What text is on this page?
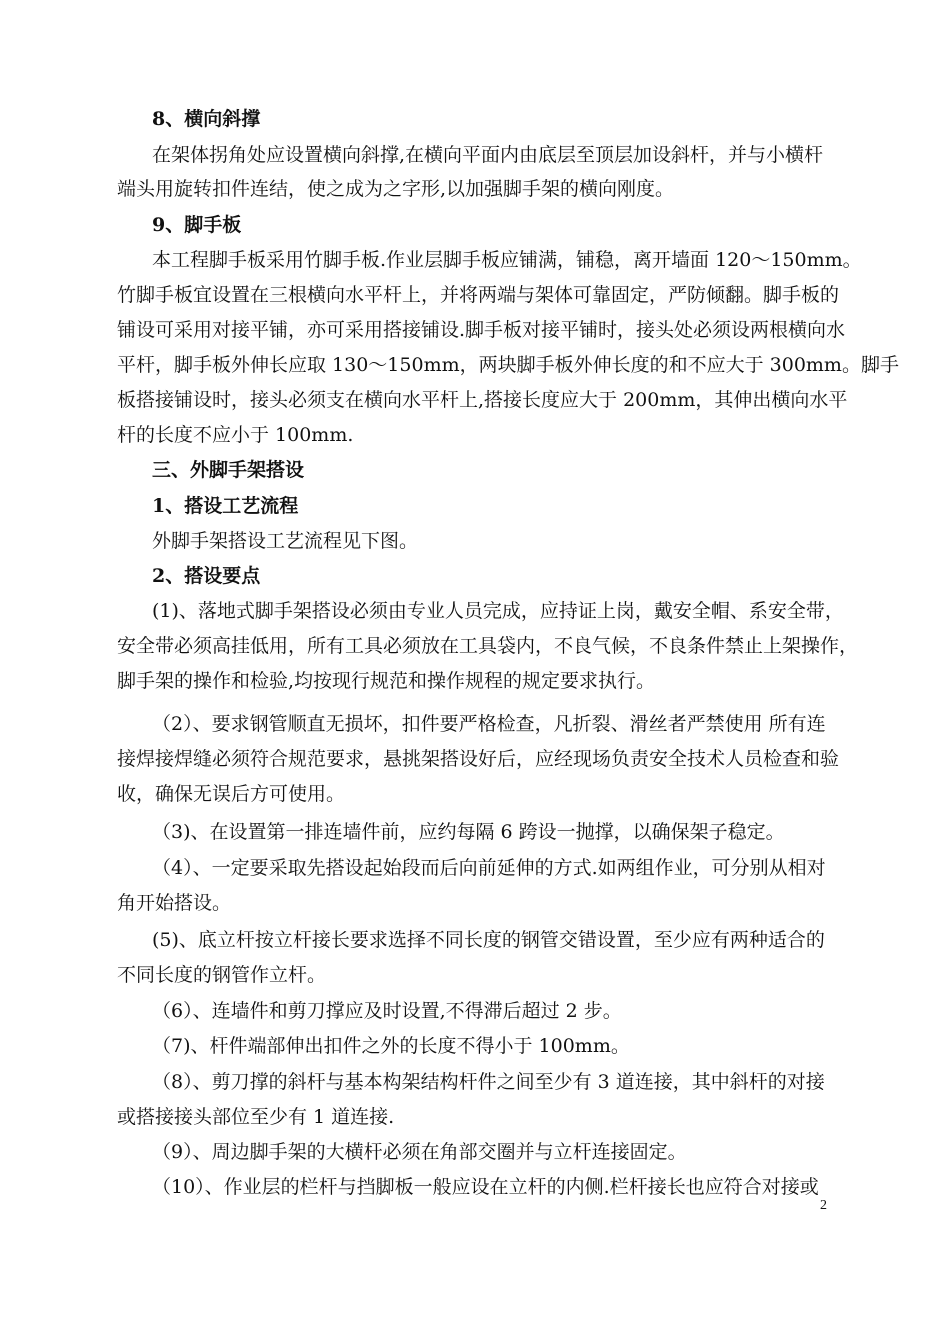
8、横向斜撑
在架体拐角处应设置横向斜撑,在横向平面内由底层至顶层加设斜杆，并与小横杆
端头用旋转扣件连结，使之成为之字形,以加强脚手架的横向刚度。
9、脚手板
本工程脚手板采用竹脚手板.作业层脚手板应铺满，铺稳，离开墙面 120～150mm。
竹脚手板宜设置在三根横向水平杆上，并将两端与架体可靠固定，严防倾翻。脚手板的
铺设可采用对接平铺，亦可采用搭接铺设.脚手板对接平铺时，接头处必须设两根横向水
平杆，脚手板外伸长应取 130～150mm，两块脚手板外伸长度的和不应大于 300mm。脚手
板搭接铺设时，接头必须支在横向水平杆上,搭接长度应大于 200mm，其伸出横向水平
杆的长度不应小于 100mm.
三、外脚手架搭设
1、搭设工艺流程
外脚手架搭设工艺流程见下图。
2、搭设要点
(1)、落地式脚手架搭设必须由专业人员完成，应持证上岗，戴安全帽、系安全带，
安全带必须高挂低用，所有工具必须放在工具袋内，不良气候，不良条件禁止上架操作，
脚手架的操作和检验,均按现行规范和操作规程的规定要求执行。
（2）、要求钢管顺直无损坏，扣件要严格检查，凡折裂、滑丝者严禁使用 所有连
接焊接焊缝必须符合规范要求，悬挑架搭设好后，应经现场负责安全技术人员检查和验
收，确保无误后方可使用。
（3)、在设置第一排连墙件前，应约每隔 6 跨设一抛撑，以确保架子稳定。
（4）、一定要采取先搭设起始段而后向前延伸的方式.如两组作业，可分别从相对
角开始搭设。
(5)、底立杆按立杆接长要求选择不同长度的钢管交错设置，至少应有两种适合的
不同长度的钢管作立杆。
（6）、连墙件和剪刀撑应及时设置,不得滞后超过 2 步。
（7)、杆件端部伸出扣件之外的长度不得小于 100mm。
（8）、剪刀撑的斜杆与基本构架结构杆件之间至少有 3 道连接，其中斜杆的对接
或搭接接头部位至少有 1 道连接.
（9）、周边脚手架的大横杆必须在角部交圈并与立杆连接固定。
（10）、作业层的栏杆与挡脚板一般应设在立杆的内侧.栏杆接长也应符合对接或
2
